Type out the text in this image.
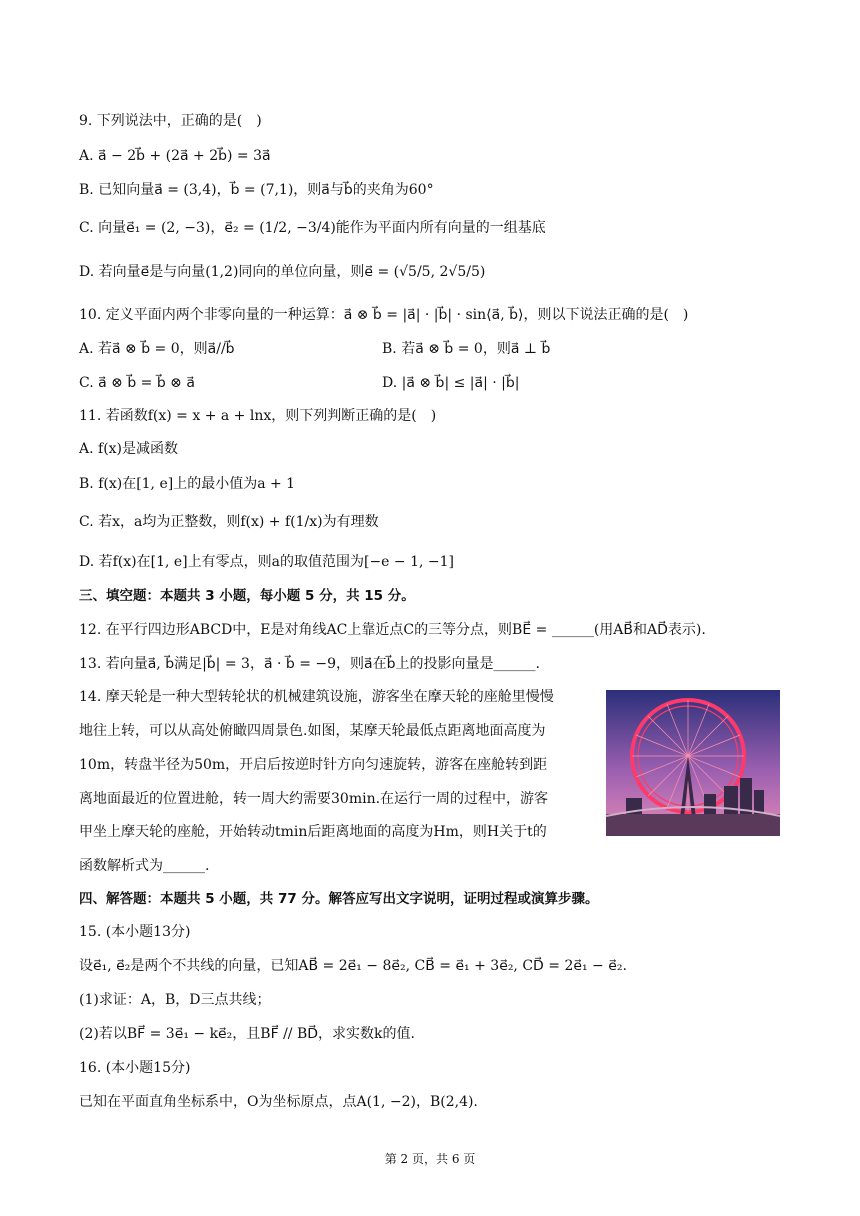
9. 下列说法中，正确的是(　)
A. a⃗ − 2b⃗ + (2a⃗ + 2b⃗) = 3a⃗
B. 已知向量a⃗ = (3,4)，b⃗ = (7,1)，则a⃗与b⃗的夹角为60°
C. 向量e⃗₁ = (2, −3)，e⃗₂ = (1/2, −3/4)能作为平面内所有向量的一组基底
D. 若向量e⃗是与向量(1,2)同向的单位向量，则e⃗ = (√5/5, 2√5/5)
10. 定义平面内两个非零向量的一种运算：a⃗ ⊗ b⃗ = |a⃗| · |b⃗| · sin⟨a⃗, b⃗⟩，则以下说法正确的是(　)
A. 若a⃗ ⊗ b⃗ = 0，则a⃗//b⃗	B. 若a⃗ ⊗ b⃗ = 0，则a⃗ ⊥ b⃗
C. a⃗ ⊗ b⃗ = b⃗ ⊗ a⃗	D. |a⃗ ⊗ b⃗| ≤ |a⃗| · |b⃗|
11. 若函数f(x) = x + a + lnx，则下列判断正确的是(　)
A. f(x)是减函数
B. f(x)在[1, e]上的最小值为a + 1
C. 若x，a均为正整数，则f(x) + f(1/x)为有理数
D. 若f(x)在[1, e]上有零点，则a的取值范围为[−e − 1, −1]
三、填空题：本题共 3 小题，每小题 5 分，共 15 分。
12. 在平行四边形ABCD中，E是对角线AC上靠近点C的三等分点，则BE⃗ = ______(用AB⃗和AD⃗表示).
13. 若向量a⃗, b⃗满足|b⃗| = 3，a⃗ · b⃗ = −9，则a⃗在b⃗上的投影向量是______.
14. 摩天轮是一种大型转轮状的机械建筑设施，游客坐在摩天轮的座舱里慢慢
地往上转，可以从高处俯瞰四周景色.如图，某摩天轮最低点距离地面高度为
10m，转盘半径为50m，开启后按逆时针方向匀速旋转，游客在座舱转到距
离地面最近的位置进舱，转一周大约需要30min.在运行一周的过程中，游客
甲坐上摩天轮的座舱，开始转动tmin后距离地面的高度为Hm，则H关于t的
函数解析式为______.
四、解答题：本题共 5 小题，共 77 分。解答应写出文字说明，证明过程或演算步骤。
15. (本小题13分)
设e⃗₁, e⃗₂是两个不共线的向量，已知AB⃗ = 2e⃗₁ − 8e⃗₂, CB⃗ = e⃗₁ + 3e⃗₂, CD⃗ = 2e⃗₁ − e⃗₂.
(1)求证：A，B，D三点共线；
(2)若以BF⃗ = 3e⃗₁ − ke⃗₂，且BF⃗ // BD⃗，求实数k的值.
16. (本小题15分)
已知在平面直角坐标系中，O为坐标原点，点A(1, −2)，B(2,4).
第 2 页，共 6 页
